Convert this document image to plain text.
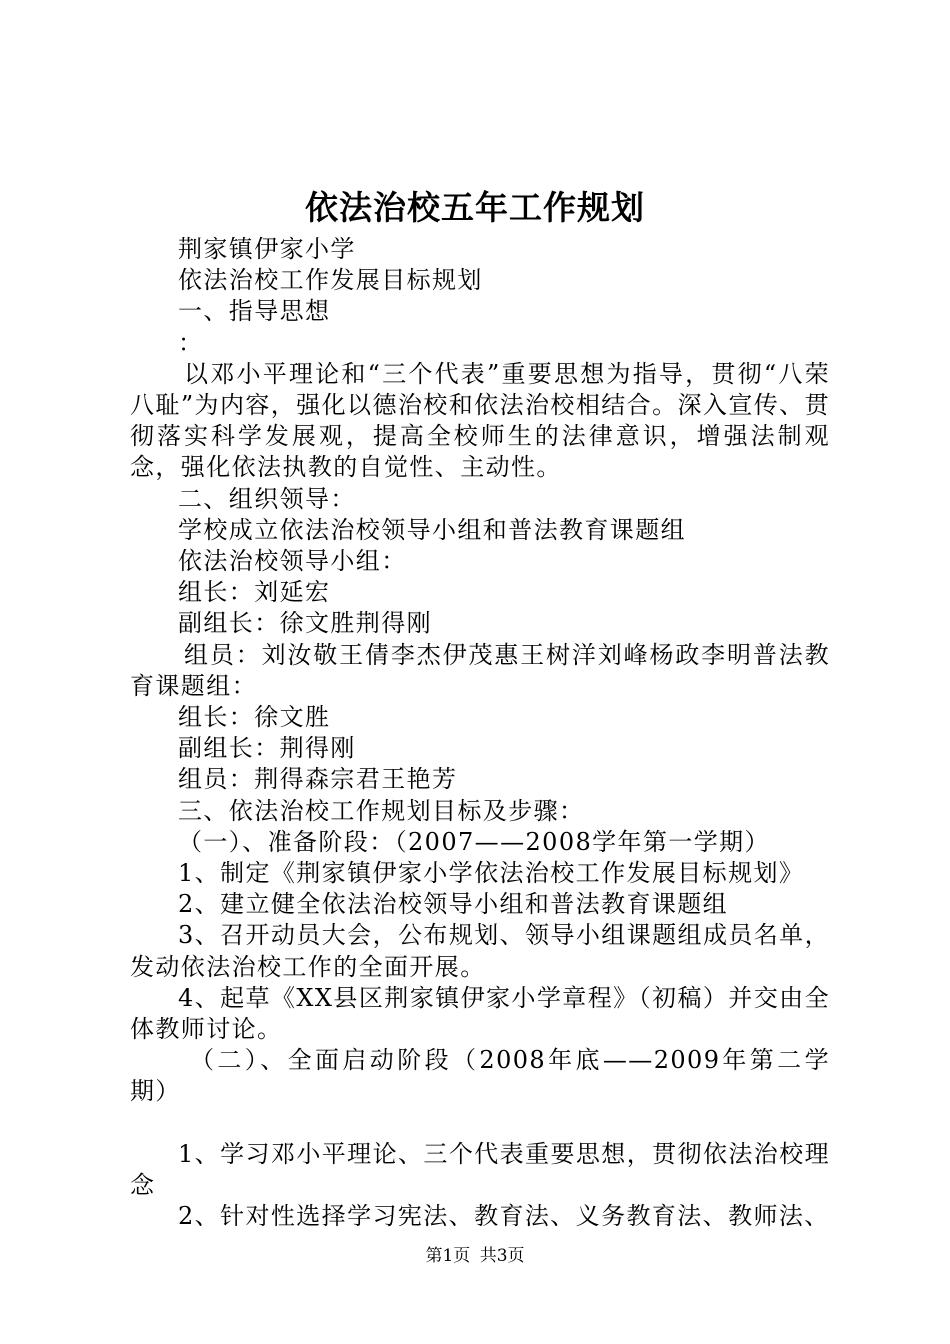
依法治校五年工作规划

荆家镇伊家小学

依法治校工作发展目标规划

一、指导思想

：

以邓小平理论和“三个代表”重要思想为指导，贯彻“八荣八耻”为内容，强化以德治校和依法治校相结合。深入宣传、贯彻落实科学发展观，提高全校师生的法律意识，增强法制观念，强化依法执教的自觉性、主动性。

二、组织领导：

学校成立依法治校领导小组和普法教育课题组

依法治校领导小组：

组长：刘延宏

副组长：徐文胜荆得刚

组员：刘汝敬王倩李杰伊茂惠王树洋刘峰杨政李明普法教育课题组：

组长：徐文胜

副组长：荆得刚

组员：荆得森宗君王艳芳

三、依法治校工作规划目标及步骤：

（一）、准备阶段：（2007——2008学年第一学期）

1、制定《荆家镇伊家小学依法治校工作发展目标规划》

2、建立健全依法治校领导小组和普法教育课题组

3、召开动员大会，公布规划、领导小组课题组成员名单，发动依法治校工作的全面开展。

4、起草《XX县区荆家镇伊家小学章程》（初稿）并交由全体教师讨论。

（二）、全面启动阶段（2008年底——2009年第二学期）

1、学习邓小平理论、三个代表重要思想，贯彻依法治校理念

2、针对性选择学习宪法、教育法、义务教育法、教师法、

第1页 共3页
